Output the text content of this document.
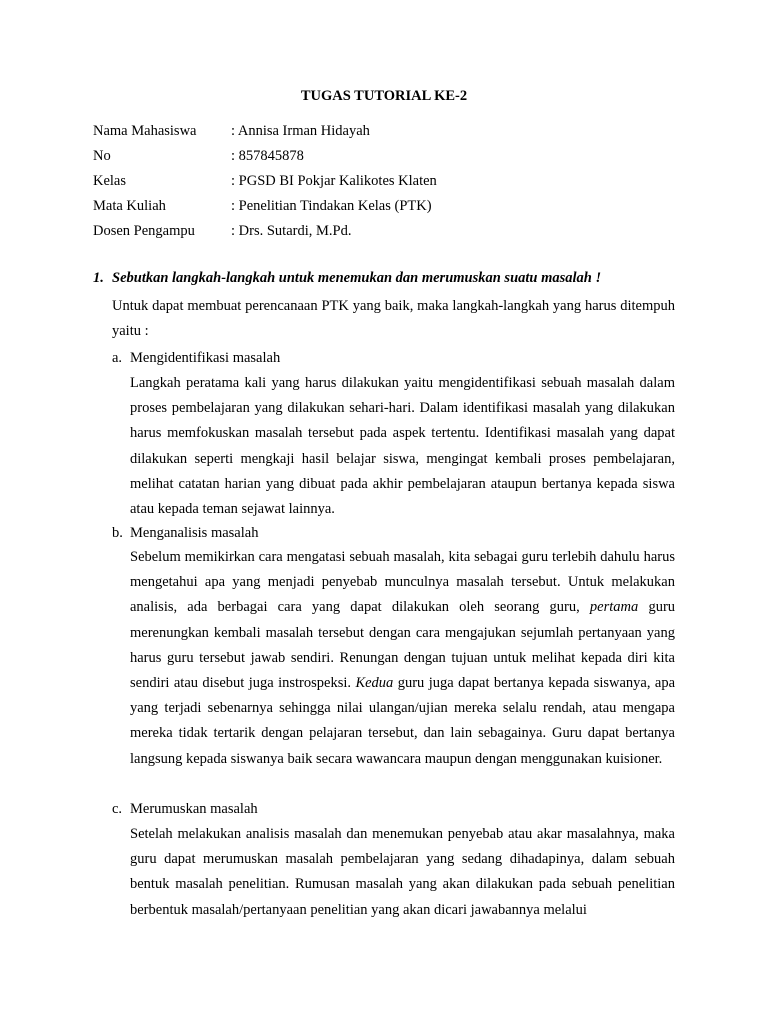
TUGAS TUTORIAL KE-2
Nama Mahasiswa : Annisa Irman Hidayah
No	: 857845878
Kelas	: PGSD BI Pokjar Kalikotes Klaten
Mata Kuliah	: Penelitian Tindakan Kelas (PTK)
Dosen Pengampu : Drs. Sutardi, M.Pd.
1. Sebutkan langkah-langkah untuk menemukan dan merumuskan suatu masalah !

Untuk dapat membuat perencanaan PTK yang baik, maka langkah-langkah yang harus ditempuh yaitu :

a. Mengidentifikasi masalah

Langkah peratama kali yang harus dilakukan yaitu mengidentifikasi sebuah masalah dalam proses pembelajaran yang dilakukan sehari-hari. Dalam identifikasi masalah yang dilakukan harus memfokuskan masalah tersebut pada aspek tertentu. Identifikasi masalah yang dapat dilakukan seperti mengkaji hasil belajar siswa, mengingat kembali proses pembelajaran, melihat catatan harian yang dibuat pada akhir pembelajaran ataupun bertanya kepada siswa atau kepada teman sejawat lainnya.

b. Menganalisis masalah

Sebelum memikirkan cara mengatasi sebuah masalah, kita sebagai guru terlebih dahulu harus mengetahui apa yang menjadi penyebab munculnya masalah tersebut. Untuk melakukan analisis, ada berbagai cara yang dapat dilakukan oleh seorang guru, pertama guru merenungkan kembali masalah tersebut dengan cara mengajukan sejumlah pertanyaan yang harus guru tersebut jawab sendiri. Renungan dengan tujuan untuk melihat kepada diri kita sendiri atau disebut juga instrospeksi. Kedua guru juga dapat bertanya kepada siswanya, apa yang terjadi sebenarnya sehingga nilai ulangan/ujian mereka selalu rendah, atau mengapa mereka tidak tertarik dengan pelajaran tersebut, dan lain sebagainya. Guru dapat bertanya langsung kepada siswanya baik secara wawancara maupun dengan menggunakan kuisioner.

c. Merumuskan masalah

Setelah melakukan analisis masalah dan menemukan penyebab atau akar masalahnya, maka guru dapat merumuskan masalah pembelajaran yang sedang dihadapinya, dalam sebuah bentuk masalah penelitian. Rumusan masalah yang akan dilakukan pada sebuah penelitian berbentuk masalah/pertanyaan penelitian yang akan dicari jawabannya melalui
